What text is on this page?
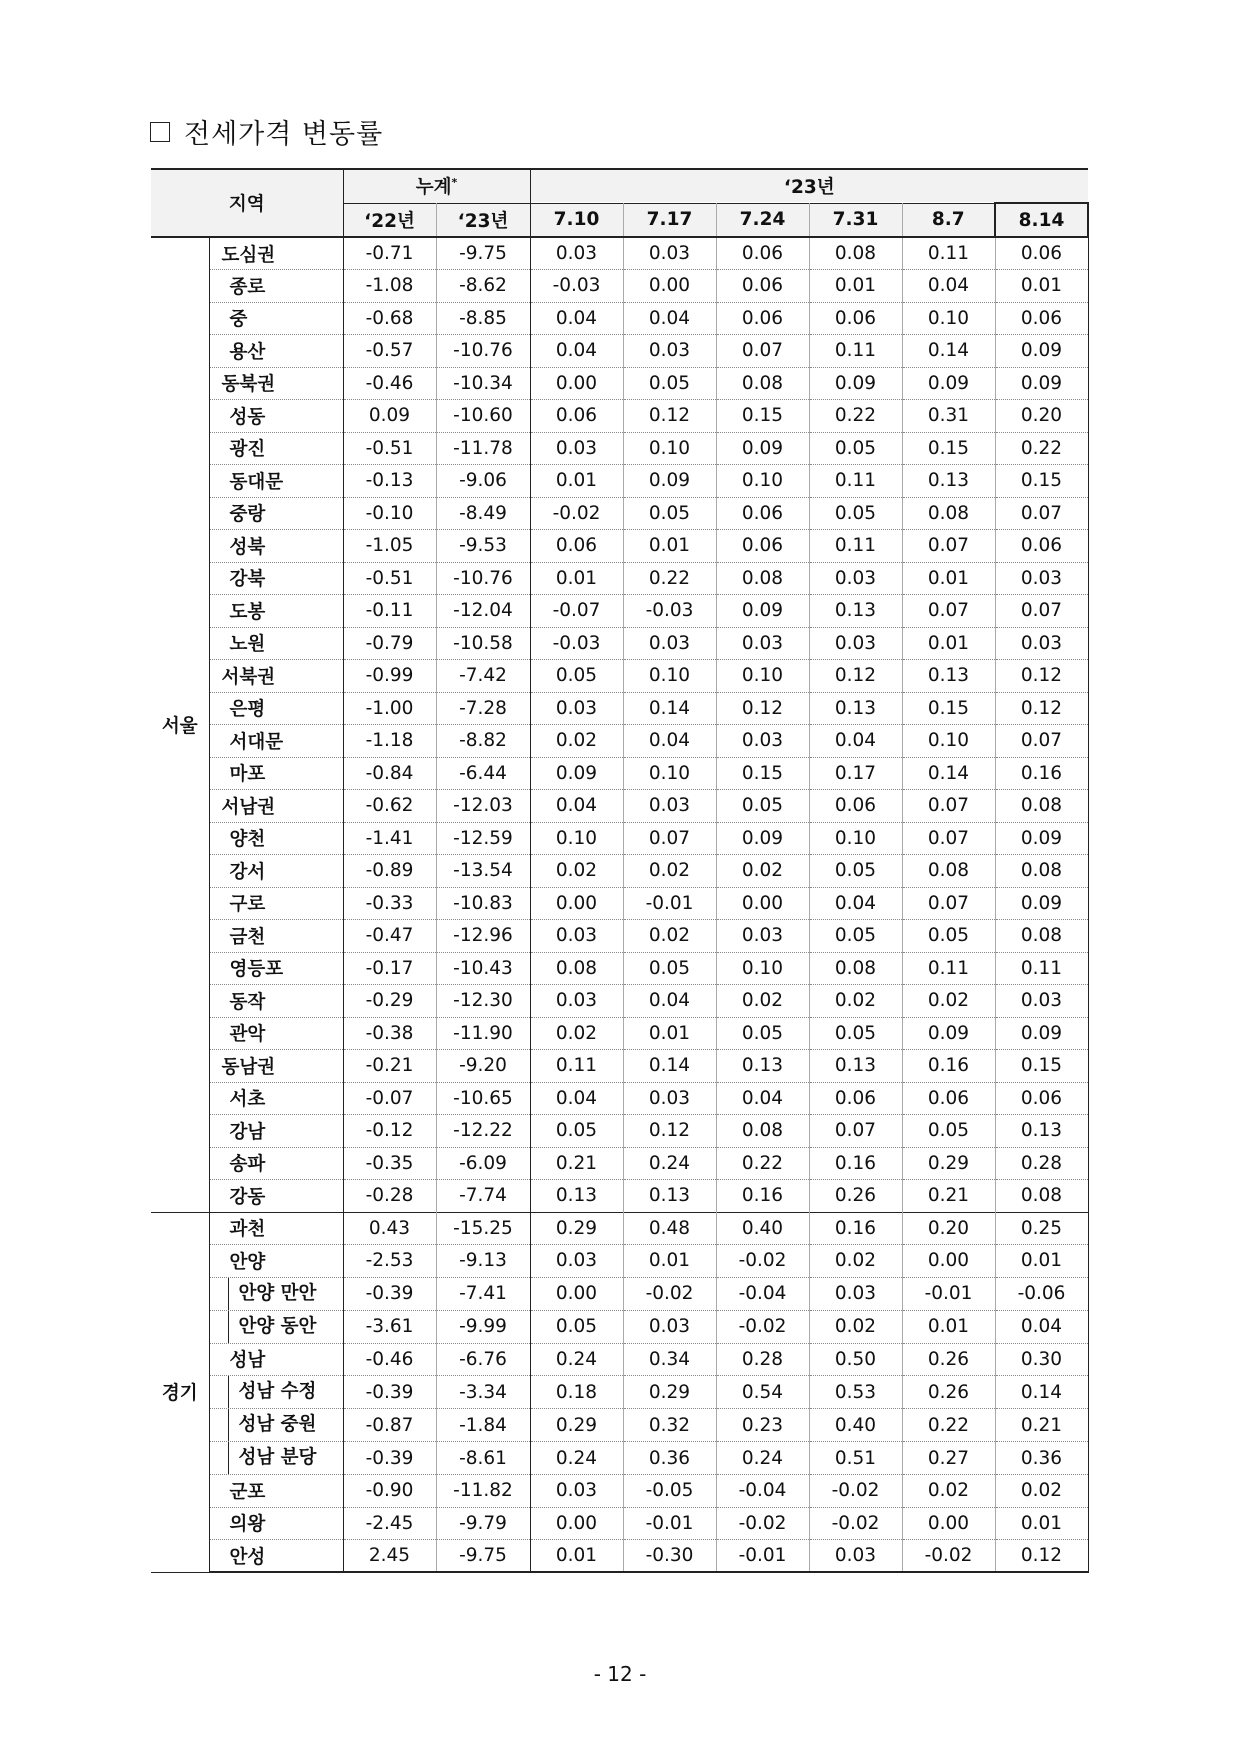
전세가격 변동률
지역		누계*		‘23년					
		‘22년	‘23년	7.10	7.17	7.24	7.31	8.7	8.14
서울	도심권	-0.71	-9.75	0.03	0.03	0.06	0.08	0.11	0.06
	종로	-1.08	-8.62	-0.03	0.00	0.06	0.01	0.04	0.01
	중	-0.68	-8.85	0.04	0.04	0.06	0.06	0.10	0.06
	용산	-0.57	-10.76	0.04	0.03	0.07	0.11	0.14	0.09
	동북권	-0.46	-10.34	0.00	0.05	0.08	0.09	0.09	0.09
	성동	0.09	-10.60	0.06	0.12	0.15	0.22	0.31	0.20
	광진	-0.51	-11.78	0.03	0.10	0.09	0.05	0.15	0.22
	동대문	-0.13	-9.06	0.01	0.09	0.10	0.11	0.13	0.15
	중랑	-0.10	-8.49	-0.02	0.05	0.06	0.05	0.08	0.07
	성북	-1.05	-9.53	0.06	0.01	0.06	0.11	0.07	0.06
	강북	-0.51	-10.76	0.01	0.22	0.08	0.03	0.01	0.03
	도봉	-0.11	-12.04	-0.07	-0.03	0.09	0.13	0.07	0.07
	노원	-0.79	-10.58	-0.03	0.03	0.03	0.03	0.01	0.03
	서북권	-0.99	-7.42	0.05	0.10	0.10	0.12	0.13	0.12
	은평	-1.00	-7.28	0.03	0.14	0.12	0.13	0.15	0.12
	서대문	-1.18	-8.82	0.02	0.04	0.03	0.04	0.10	0.07
	마포	-0.84	-6.44	0.09	0.10	0.15	0.17	0.14	0.16
	서남권	-0.62	-12.03	0.04	0.03	0.05	0.06	0.07	0.08
	양천	-1.41	-12.59	0.10	0.07	0.09	0.10	0.07	0.09
	강서	-0.89	-13.54	0.02	0.02	0.02	0.05	0.08	0.08
	구로	-0.33	-10.83	0.00	-0.01	0.00	0.04	0.07	0.09
	금천	-0.47	-12.96	0.03	0.02	0.03	0.05	0.05	0.08
	영등포	-0.17	-10.43	0.08	0.05	0.10	0.08	0.11	0.11
	동작	-0.29	-12.30	0.03	0.04	0.02	0.02	0.02	0.03
	관악	-0.38	-11.90	0.02	0.01	0.05	0.05	0.09	0.09
	동남권	-0.21	-9.20	0.11	0.14	0.13	0.13	0.16	0.15
	서초	-0.07	-10.65	0.04	0.03	0.04	0.06	0.06	0.06
	강남	-0.12	-12.22	0.05	0.12	0.08	0.07	0.05	0.13
	송파	-0.35	-6.09	0.21	0.24	0.22	0.16	0.29	0.28
	강동	-0.28	-7.74	0.13	0.13	0.16	0.26	0.21	0.08
경기	과천	0.43	-15.25	0.29	0.48	0.40	0.16	0.20	0.25
	안양	-2.53	-9.13	0.03	0.01	-0.02	0.02	0.00	0.01
	안양 만안	-0.39	-7.41	0.00	-0.02	-0.04	0.03	-0.01	-0.06
	안양 동안	-3.61	-9.99	0.05	0.03	-0.02	0.02	0.01	0.04
	성남	-0.46	-6.76	0.24	0.34	0.28	0.50	0.26	0.30
	성남 수정	-0.39	-3.34	0.18	0.29	0.54	0.53	0.26	0.14
	성남 중원	-0.87	-1.84	0.29	0.32	0.23	0.40	0.22	0.21
	성남 분당	-0.39	-8.61	0.24	0.36	0.24	0.51	0.27	0.36
	군포	-0.90	-11.82	0.03	-0.05	-0.04	-0.02	0.02	0.02
	의왕	-2.45	-9.79	0.00	-0.01	-0.02	-0.02	0.00	0.01
	안성	2.45	-9.75	0.01	-0.30	-0.01	0.03	-0.02	0.12
- 12 -
